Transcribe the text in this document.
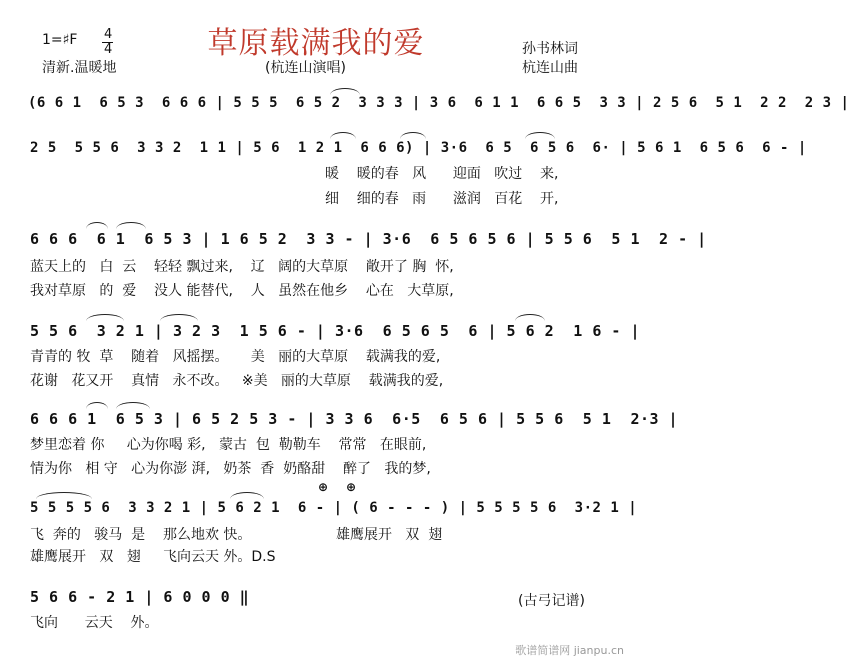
1=♯F 4
4	草原载满我的爱	孙书林词
清新.温暖地	(杭连山演唱)	杭连山曲
(6 6 1  6 5 3  6 6 6 | 5 5 5  6 5 2  3 3 3 | 3 6  6 1 1  6 6 5  3 3 | 2 5 6  5 1  2 2  2 3 |
2 5  5 5 6  3 3 2  1 1 | 5 6  1 2 1  6 6 6) | 3·6  6 5  6 5 6  6· | 5 6 1  6 5 6  6 - |
暖    暖的春   风      迎面   吹过    来,
细    细的春   雨      滋润   百花    开,
6 6 6  6 1  6 5 3 | 1 6 5 2  3 3 - | 3·6  6 5 6 5 6 | 5 5 6  5 1  2 - |
蓝天上的   白  云    轻轻 飘过来,    辽   阔的大草原    敞开了 胸  怀,
我对草原   的  爱    没人 能替代,    人   虽然在他乡    心在   大草原,
5 5 6  3 2 1 | 3 2 3  1 5 6 - | 3·6  6 5 6 5  6 | 5 6 2  1 6 - |
青青的 牧  草    随着   风摇摆。     美   丽的大草原    载满我的爱,
花谢   花又开    真情   永不改。   ※美   丽的大草原    载满我的爱,
6 6 6 1  6 5 3 | 6 5 2 5 3 - | 3 3 6  6·5  6 5 6 | 5 5 6  5 1  2·3 |
梦里恋着 你     心为你喝 彩,   蒙古  包  勒勒车    常常   在眼前,
情为你   相 守   心为你澎 湃,   奶茶  香  奶酪甜    醉了   我的梦,
5 5 5 5 6  3 3 2 1 | 5 6 2 1  6 - | ( 6 - - - ) | 5 5 5 5 6  3·2 1 |
⊕ ⊕
飞  奔的   骏马  是    那么地欢 快。                   雄鹰展开   双  翅
雄鹰展开   双   翅     飞向云天 外。D.S
5 6 6 - 2 1 | 6 0 0 0 ‖
飞向      云天    外。
(古弓记谱)
歌谱简谱网 jianpu.cn
